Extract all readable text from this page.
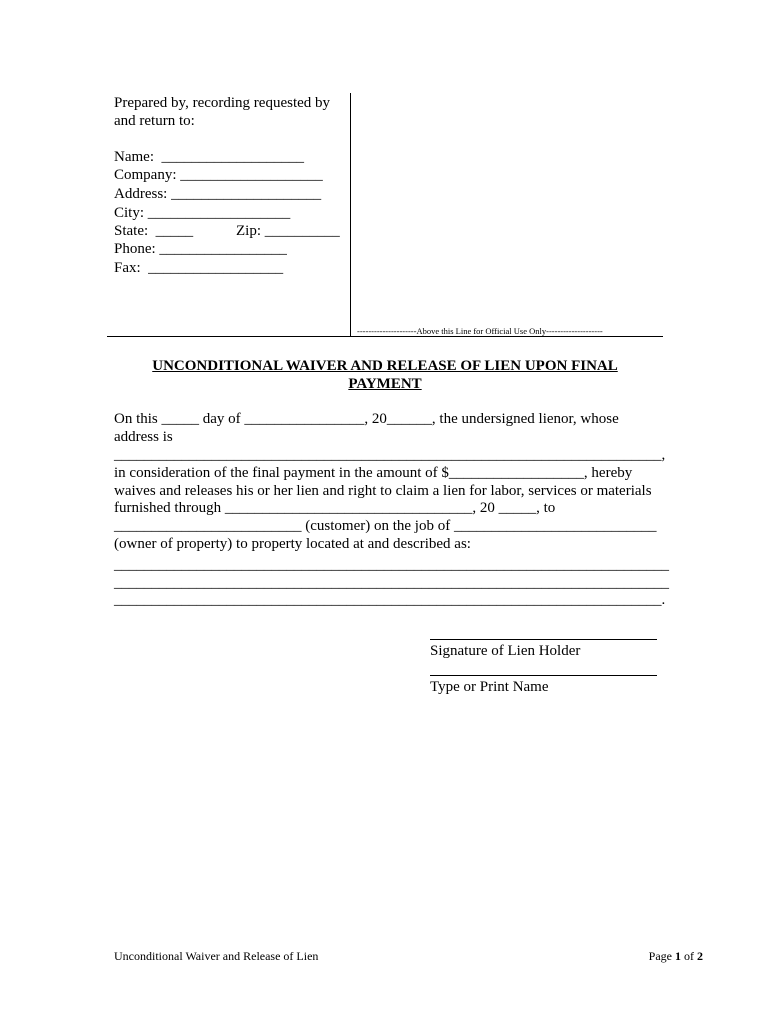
Prepared by, recording requested by
and return to:
Name:  ___________________
Company: ___________________
Address: ____________________
City: ___________________
State:  _____	Zip: __________
Phone: _________________
Fax:  __________________
---------------------Above this Line for Official Use Only--------------------
UNCONDITIONAL WAIVER AND RELEASE OF LIEN UPON FINAL
PAYMENT
On this _____ day of ________________, 20______, the undersigned lienor, whose
address is
_________________________________________________________________________,
in consideration of the final payment in the amount of $__________________, hereby
waives and releases his or her lien and right to claim a lien for labor, services or materials
furnished through _________________________________, 20 _____, to
_________________________ (customer) on the job of ___________________________
(owner of property) to property located at and described as:
__________________________________________________________________________
__________________________________________________________________________
_________________________________________________________________________.
Signature of Lien Holder
Type or Print Name
Unconditional Waiver and Release of Lien	Page 1 of 2
